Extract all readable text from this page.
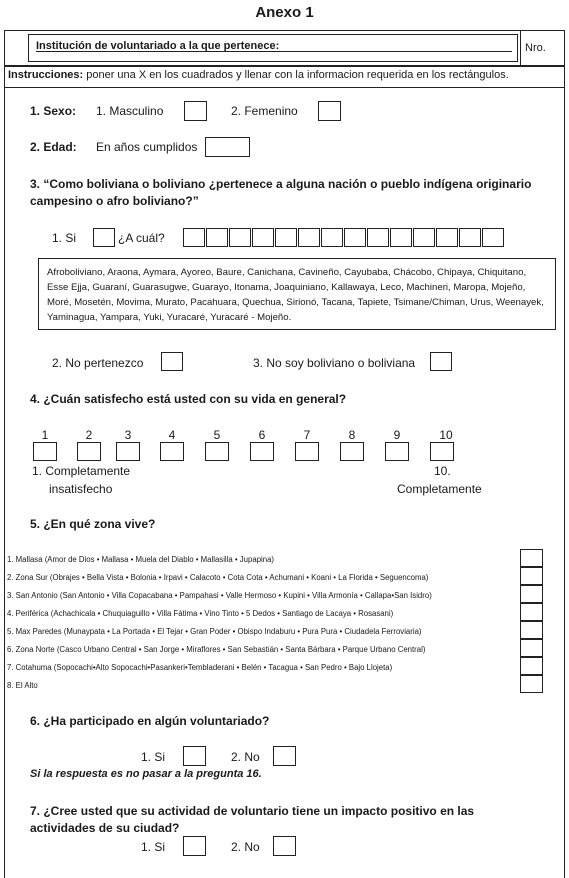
Anexo 1
Institución de voluntariado a la que pertenece:	Nro.
Instrucciones: poner una X en los cuadrados y llenar con la informacion requerida en los rectángulos.
1. Sexo: 1. Masculino	2. Femenino
2. Edad: En años cumplidos
3. “Como boliviana o boliviano ¿pertenece a alguna nación o pueblo indígena originario
campesino o afro boliviano?”
1. Si	¿A cuál?
Afroboliviano, Araona, Aymara, Ayoreo, Baure, Canichana, Cavineño, Cayubaba, Chácobo, Chipaya, Chiquitano, Esse Ejja, Guaraní, Guarasugwe, Guarayo, Itonama, Joaquiniano, Kallawaya, Leco, Machineri, Maropa, Mojeño, Moré, Mosetén, Movima, Murato, Pacahuara, Quechua, Sirionó, Tacana, Tapiete, Tsimane/Chiman, Urus, Weenayek, Yaminagua, Yampara, Yuki, Yuracaré, Yuracaré - Mojeño.
2. No pertenezco	3. No soy boliviano o boliviana
4. ¿Cuán satisfecho está usted con su vida en general?
1	2	3	4	5	6	7	8	9	10
1. Completamente
insatisfecho
10.
Completamente
5. ¿En qué zona vive?
1. Mallasa (Amor de Dios • Mallasa • Muela del Diablo • Mallasilla • Jupapina)
2. Zona Sur (Obrajes • Bella Vista • Bolonia • Irpavi • Calacoto • Cota Cota • Achumani • Koani • La Florida • Seguencoma)
3. San Antonio (San Antonio • Villa Copacabana • Pampahasi • Valle Hermoso • Kupini • Villa Armonía • Callapa•San Isidro)
4. Periférica (Achachicala • Chuquiaguillo • Villa Fátima • Vino Tinto • 5 Dedos • Santiago de Lacaya • Rosasani)
5. Max Paredes (Munaypata • La Portada • El Tejar • Gran Poder • Obispo Indaburu • Pura Pura • Ciudadela Ferroviaria)
6. Zona Norte (Casco Urbano Central • San Jorge • Miraflores • San Sebastián • Santa Bárbara • Parque Urbano Central)
7. Cotahuma (Sopocachi•Alto Sopocachi•Pasankeri•Tembladerani • Belén • Tacagua • San Pedro • Bajo Llojeta)
8. El Alto
6. ¿Ha participado en algún voluntariado?
1. Si	2. No
Si la respuesta es no pasar a la pregunta 16.
7. ¿Cree usted que su actividad de voluntario tiene un impacto positivo en las
actividades de su ciudad?
1. Si	2. No
